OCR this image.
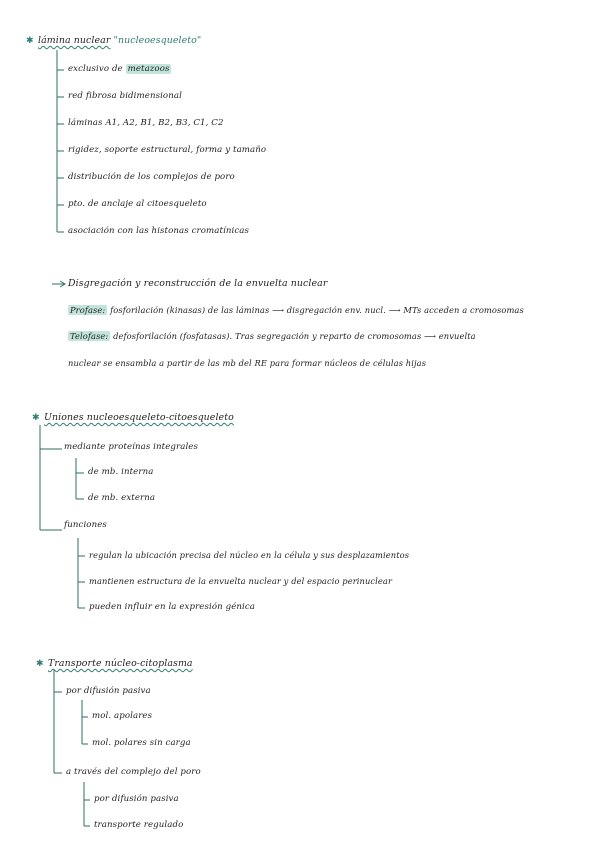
✱ lámina nuclear "nucleoesqueleto"
exclusivo de metazoos
red fibrosa bidimensional
láminas A1, A2, B1, B2, B3, C1, C2
rigidez, soporte estructural, forma y tamaño
distribución de los complejos de poro
pto. de anclaje al citoesqueleto
asociación con las histonas cromatínicas
Disgregación y reconstrucción de la envuelta nuclear
Profase: fosforilación (kinasas) de las láminas ⟶ disgregación env. nucl. ⟶ MTs acceden a cromosomas
Telofase: defosforilación (fosfatasas). Tras segregación y reparto de cromosomas ⟶ envuelta
nuclear se ensambla a partir de las mb del RE para formar núcleos de células hijas
✱ Uniones nucleoesqueleto-citoesqueleto
mediante proteínas integrales
de mb. interna
de mb. externa
funciones
regulan la ubicación precisa del núcleo en la célula y sus desplazamientos
mantienen estructura de la envuelta nuclear y del espacio perinuclear
pueden influir en la expresión génica
✱ Transporte núcleo-citoplasma
por difusión pasiva
mol. apolares
mol. polares sin carga
a través del complejo del poro
por difusión pasiva
transporte regulado
